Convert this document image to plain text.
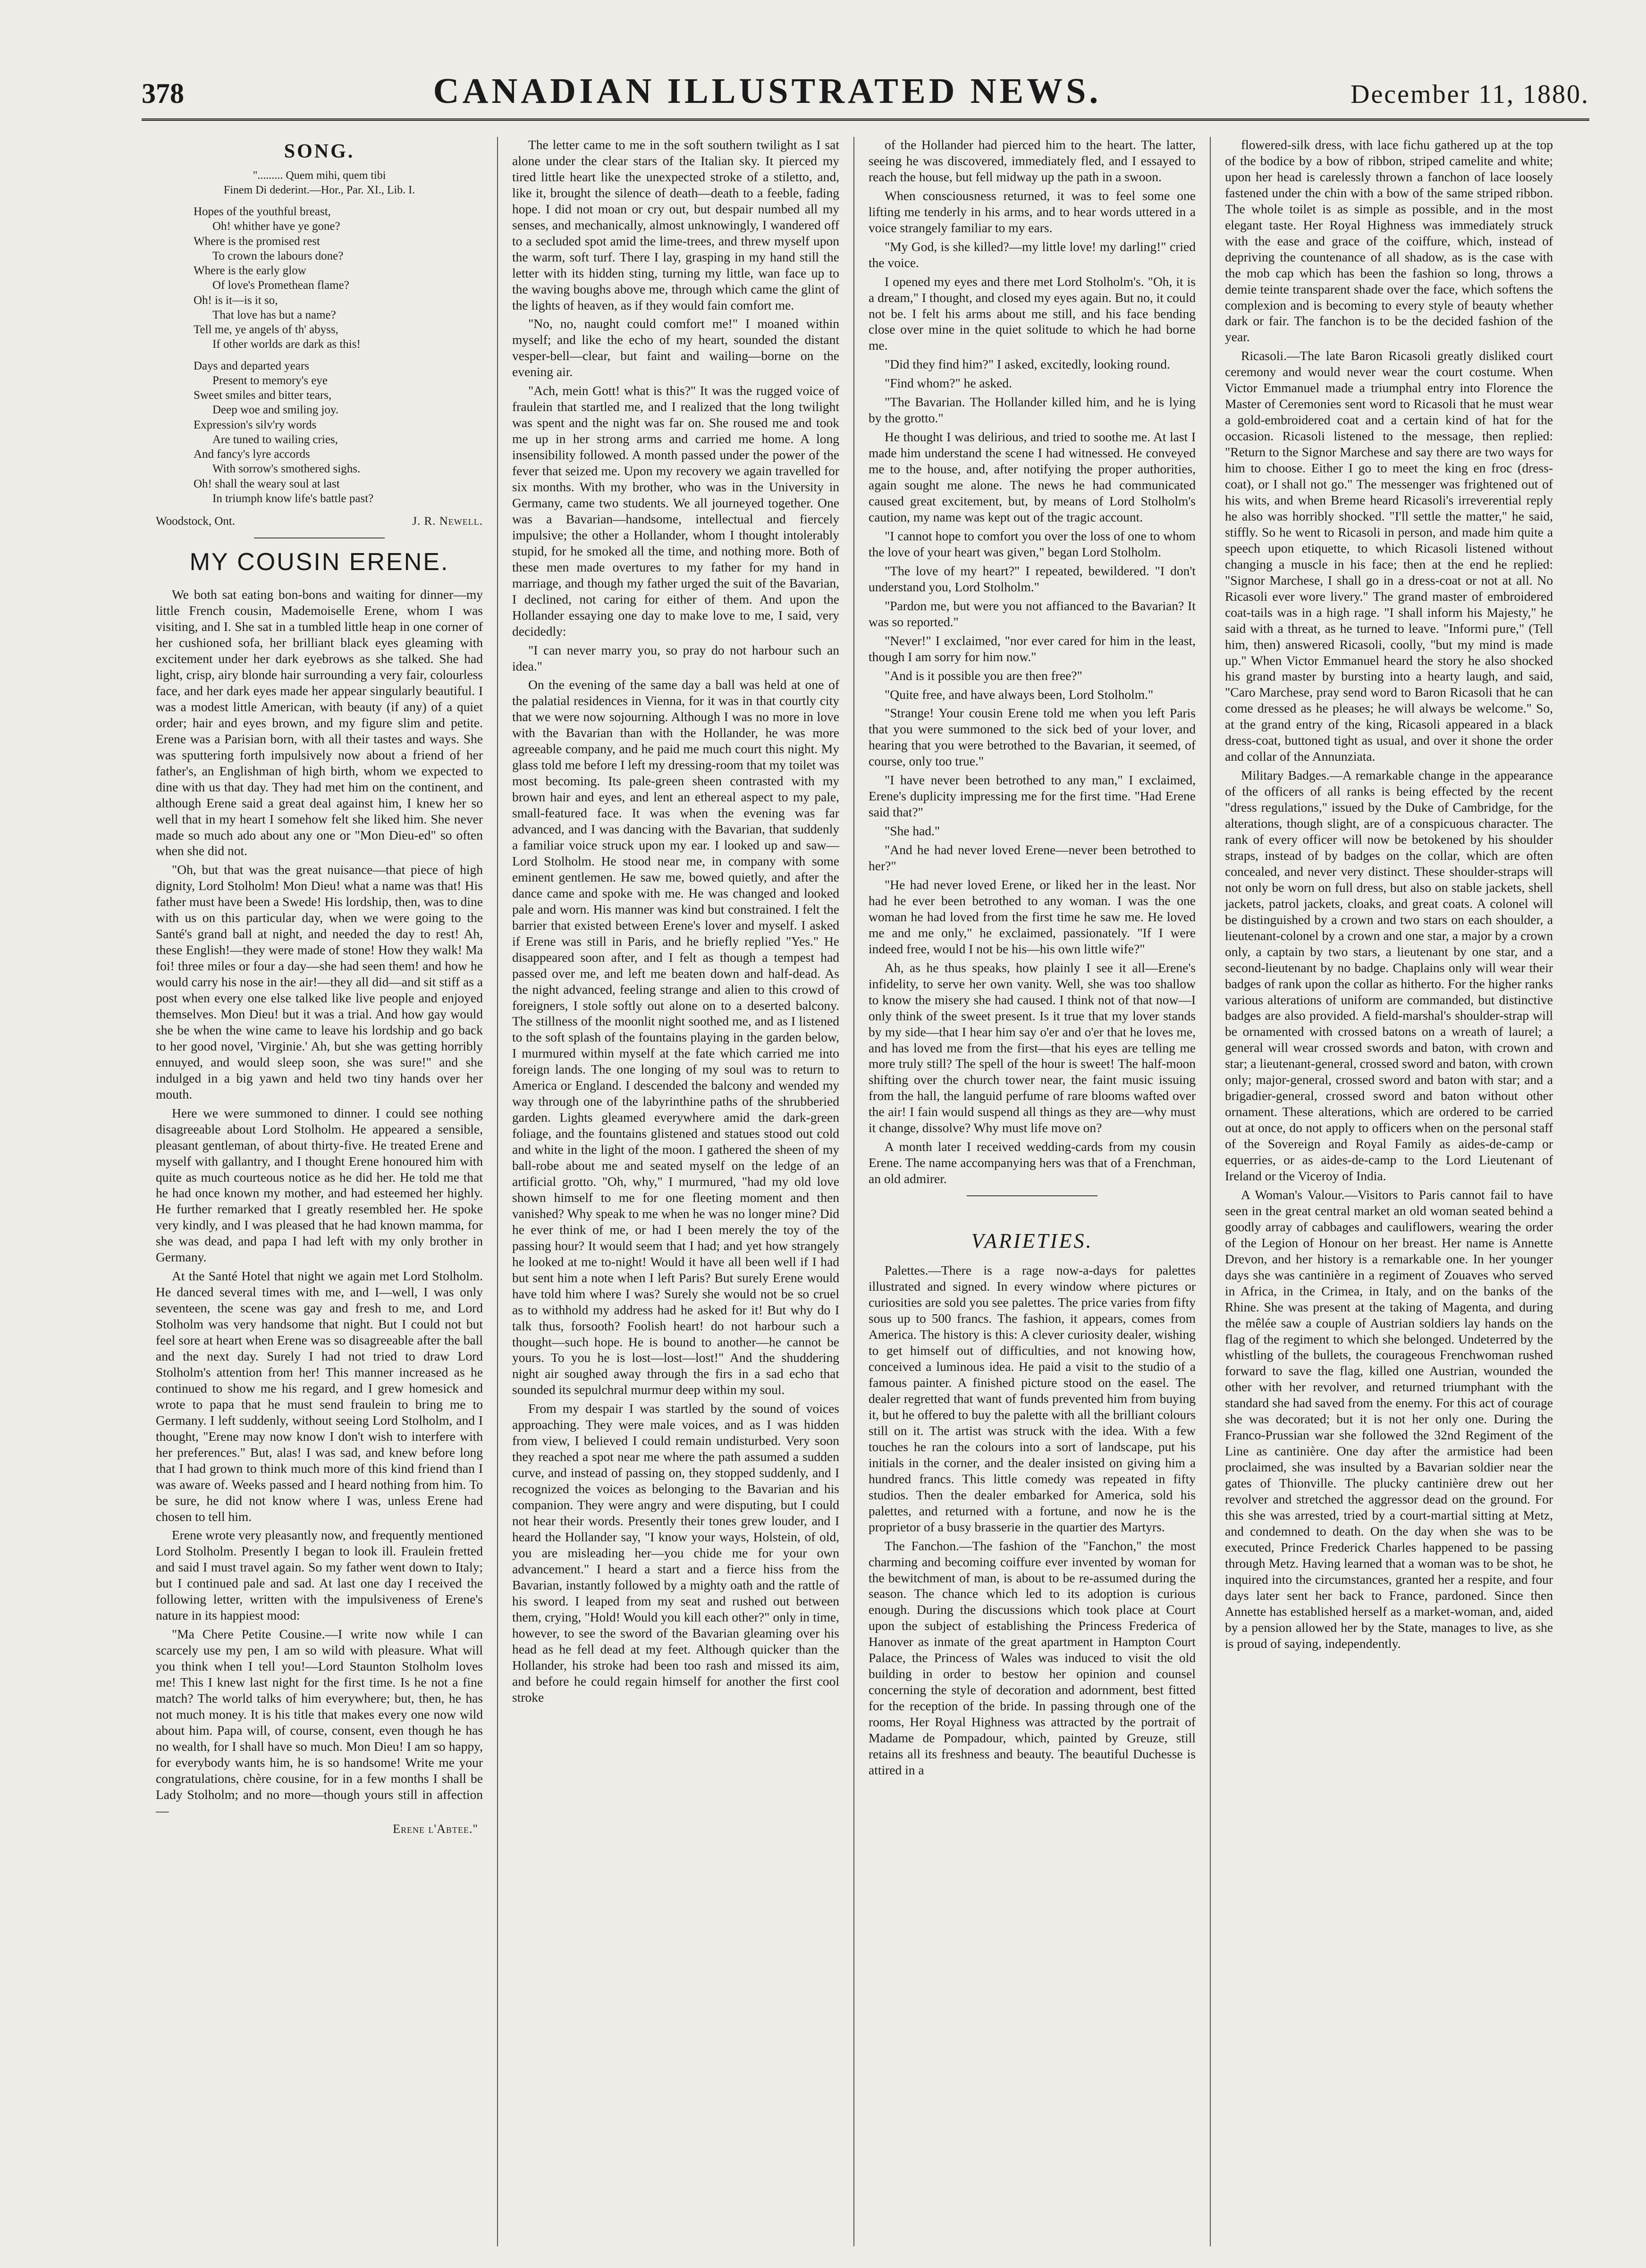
378	CANADIAN ILLUSTRATED NEWS.	December 11, 1880.
SONG.
"......... Quem mihi, quem tibi
Finem Di dederint.—Hor., Par. XI., Lib. I.
Hopes of the youthful breast,
Oh! whither have ye gone?
Where is the promised rest
To crown the labours done?
Where is the early glow
Of love's Promethean flame?
Oh! is it—is it so,
That love has but a name?
Tell me, ye angels of th' abyss,
If other worlds are dark as this!
Days and departed years
Present to memory's eye
Sweet smiles and bitter tears,
Deep woe and smiling joy.
Expression's silv'ry words
Are tuned to wailing cries,
And fancy's lyre accords
With sorrow's smothered sighs.
Oh! shall the weary soul at last
In triumph know life's battle past?
Woodstock, Ont.	J. R. Newell.
MY COUSIN ERENE.

We both sat eating bon-bons and waiting for dinner—my little French cousin, Mademoiselle Erene, whom I was visiting, and I. She sat in a tumbled little heap in one corner of her cushioned sofa, her brilliant black eyes gleaming with excitement under her dark eyebrows as she talked. She had light, crisp, airy blonde hair surrounding a very fair, colourless face, and her dark eyes made her appear singularly beautiful. I was a modest little American, with beauty (if any) of a quiet order; hair and eyes brown, and my figure slim and petite. Erene was a Parisian born, with all their tastes and ways. She was sputtering forth impulsively now about a friend of her father's, an Englishman of high birth, whom we expected to dine with us that day. They had met him on the continent, and although Erene said a great deal against him, I knew her so well that in my heart I somehow felt she liked him. She never made so much ado about any one or "Mon Dieu-ed" so often when she did not.

"Oh, but that was the great nuisance—that piece of high dignity, Lord Stolholm! Mon Dieu! what a name was that! His father must have been a Swede! His lordship, then, was to dine with us on this particular day, when we were going to the Santé's grand ball at night, and needed the day to rest! Ah, these English!—they were made of stone! How they walk! Ma foi! three miles or four a day—she had seen them! and how he would carry his nose in the air!—they all did—and sit stiff as a post when every one else talked like live people and enjoyed themselves. Mon Dieu! but it was a trial. And how gay would she be when the wine came to leave his lordship and go back to her good novel, 'Virginie.' Ah, but she was getting horribly ennuyed, and would sleep soon, she was sure!" and she indulged in a big yawn and held two tiny hands over her mouth.

Here we were summoned to dinner. I could see nothing disagreeable about Lord Stolholm. He appeared a sensible, pleasant gentleman, of about thirty-five. He treated Erene and myself with gallantry, and I thought Erene honoured him with quite as much courteous notice as he did her. He told me that he had once known my mother, and had esteemed her highly. He further remarked that I greatly resembled her. He spoke very kindly, and I was pleased that he had known mamma, for she was dead, and papa I had left with my only brother in Germany.

At the Santé Hotel that night we again met Lord Stolholm. He danced several times with me, and I—well, I was only seventeen, the scene was gay and fresh to me, and Lord Stolholm was very handsome that night. But I could not but feel sore at heart when Erene was so disagreeable after the ball and the next day. Surely I had not tried to draw Lord Stolholm's attention from her! This manner increased as he continued to show me his regard, and I grew homesick and wrote to papa that he must send fraulein to bring me to Germany. I left suddenly, without seeing Lord Stolholm, and I thought, "Erene may now know I don't wish to interfere with her preferences." But, alas! I was sad, and knew before long that I had grown to think much more of this kind friend than I was aware of. Weeks passed and I heard nothing from him. To be sure, he did not know where I was, unless Erene had chosen to tell him.

Erene wrote very pleasantly now, and frequently mentioned Lord Stolholm. Presently I began to look ill. Fraulein fretted and said I must travel again. So my father went down to Italy; but I continued pale and sad. At last one day I received the following letter, written with the impulsiveness of Erene's nature in its happiest mood:

"Ma Chere Petite Cousine.—I write now while I can scarcely use my pen, I am so wild with pleasure. What will you think when I tell you!—Lord Staunton Stolholm loves me! This I knew last night for the first time. Is he not a fine match? The world talks of him everywhere; but, then, he has not much money. It is his title that makes every one now wild about him. Papa will, of course, consent, even though he has no wealth, for I shall have so much. Mon Dieu! I am so happy, for everybody wants him, he is so handsome! Write me your congratulations, chère cousine, for in a few months I shall be Lady Stolholm; and no more—though yours still in affection—

Erene l'Abtee."

The letter came to me in the soft southern twilight as I sat alone under the clear stars of the Italian sky. It pierced my tired little heart like the unexpected stroke of a stiletto, and, like it, brought the silence of death—death to a feeble, fading hope. I did not moan or cry out, but despair numbed all my senses, and mechanically, almost unknowingly, I wandered off to a secluded spot amid the lime-trees, and threw myself upon the warm, soft turf. There I lay, grasping in my hand still the letter with its hidden sting, turning my little, wan face up to the waving boughs above me, through which came the glint of the lights of heaven, as if they would fain comfort me.

"No, no, naught could comfort me!" I moaned within myself; and like the echo of my heart, sounded the distant vesper-bell—clear, but faint and wailing—borne on the evening air.

"Ach, mein Gott! what is this?" It was the rugged voice of fraulein that startled me, and I realized that the long twilight was spent and the night was far on. She roused me and took me up in her strong arms and carried me home. A long insensibility followed. A month passed under the power of the fever that seized me. Upon my recovery we again travelled for six months. With my brother, who was in the University in Germany, came two students. We all journeyed together. One was a Bavarian—handsome, intellectual and fiercely impulsive; the other a Hollander, whom I thought intolerably stupid, for he smoked all the time, and nothing more. Both of these men made overtures to my father for my hand in marriage, and though my father urged the suit of the Bavarian, I declined, not caring for either of them. And upon the Hollander essaying one day to make love to me, I said, very decidedly:

"I can never marry you, so pray do not harbour such an idea."

On the evening of the same day a ball was held at one of the palatial residences in Vienna, for it was in that courtly city that we were now sojourning. Although I was no more in love with the Bavarian than with the Hollander, he was more agreeable company, and he paid me much court this night. My glass told me before I left my dressing-room that my toilet was most becoming. Its pale-green sheen contrasted with my brown hair and eyes, and lent an ethereal aspect to my pale, small-featured face. It was when the evening was far advanced, and I was dancing with the Bavarian, that suddenly a familiar voice struck upon my ear. I looked up and saw—Lord Stolholm. He stood near me, in company with some eminent gentlemen. He saw me, bowed quietly, and after the dance came and spoke with me. He was changed and looked pale and worn. His manner was kind but constrained. I felt the barrier that existed between Erene's lover and myself. I asked if Erene was still in Paris, and he briefly replied "Yes." He disappeared soon after, and I felt as though a tempest had passed over me, and left me beaten down and half-dead. As the night advanced, feeling strange and alien to this crowd of foreigners, I stole softly out alone on to a deserted balcony. The stillness of the moonlit night soothed me, and as I listened to the soft splash of the fountains playing in the garden below, I murmured within myself at the fate which carried me into foreign lands. The one longing of my soul was to return to America or England. I descended the balcony and wended my way through one of the labyrinthine paths of the shrubberied garden. Lights gleamed everywhere amid the dark-green foliage, and the fountains glistened and statues stood out cold and white in the light of the moon. I gathered the sheen of my ball-robe about me and seated myself on the ledge of an artificial grotto. "Oh, why," I murmured, "had my old love shown himself to me for one fleeting moment and then vanished? Why speak to me when he was no longer mine? Did he ever think of me, or had I been merely the toy of the passing hour? It would seem that I had; and yet how strangely he looked at me to-night! Would it have all been well if I had but sent him a note when I left Paris? But surely Erene would have told him where I was? Surely she would not be so cruel as to withhold my address had he asked for it! But why do I talk thus, forsooth? Foolish heart! do not harbour such a thought—such hope. He is bound to another—he cannot be yours. To you he is lost—lost—lost!" And the shuddering night air soughed away through the firs in a sad echo that sounded its sepulchral murmur deep within my soul.

From my despair I was startled by the sound of voices approaching. They were male voices, and as I was hidden from view, I believed I could remain undisturbed. Very soon they reached a spot near me where the path assumed a sudden curve, and instead of passing on, they stopped suddenly, and I recognized the voices as belonging to the Bavarian and his companion. They were angry and were disputing, but I could not hear their words. Presently their tones grew louder, and I heard the Hollander say, "I know your ways, Holstein, of old, you are misleading her—you chide me for your own advancement." I heard a start and a fierce hiss from the Bavarian, instantly followed by a mighty oath and the rattle of his sword. I leaped from my seat and rushed out between them, crying, "Hold! Would you kill each other?" only in time, however, to see the sword of the Bavarian gleaming over his head as he fell dead at my feet. Although quicker than the Hollander, his stroke had been too rash and missed its aim, and before he could regain himself for another the first cool stroke

of the Hollander had pierced him to the heart. The latter, seeing he was discovered, immediately fled, and I essayed to reach the house, but fell midway up the path in a swoon.

When consciousness returned, it was to feel some one lifting me tenderly in his arms, and to hear words uttered in a voice strangely familiar to my ears.

"My God, is she killed?—my little love! my darling!" cried the voice.

I opened my eyes and there met Lord Stolholm's. "Oh, it is a dream," I thought, and closed my eyes again. But no, it could not be. I felt his arms about me still, and his face bending close over mine in the quiet solitude to which he had borne me.

"Did they find him?" I asked, excitedly, looking round.

"Find whom?" he asked.

"The Bavarian. The Hollander killed him, and he is lying by the grotto."

He thought I was delirious, and tried to soothe me. At last I made him understand the scene I had witnessed. He conveyed me to the house, and, after notifying the proper authorities, again sought me alone. The news he had communicated caused great excitement, but, by means of Lord Stolholm's caution, my name was kept out of the tragic account.

"I cannot hope to comfort you over the loss of one to whom the love of your heart was given," began Lord Stolholm.

"The love of my heart?" I repeated, bewildered. "I don't understand you, Lord Stolholm."

"Pardon me, but were you not affianced to the Bavarian? It was so reported."

"Never!" I exclaimed, "nor ever cared for him in the least, though I am sorry for him now."

"And is it possible you are then free?"

"Quite free, and have always been, Lord Stolholm."

"Strange! Your cousin Erene told me when you left Paris that you were summoned to the sick bed of your lover, and hearing that you were betrothed to the Bavarian, it seemed, of course, only too true."

"I have never been betrothed to any man," I exclaimed, Erene's duplicity impressing me for the first time. "Had Erene said that?"

"She had."

"And he had never loved Erene—never been betrothed to her?"

"He had never loved Erene, or liked her in the least. Nor had he ever been betrothed to any woman. I was the one woman he had loved from the first time he saw me. He loved me and me only," he exclaimed, passionately. "If I were indeed free, would I not be his—his own little wife?"

Ah, as he thus speaks, how plainly I see it all—Erene's infidelity, to serve her own vanity. Well, she was too shallow to know the misery she had caused. I think not of that now—I only think of the sweet present. Is it true that my lover stands by my side—that I hear him say o'er and o'er that he loves me, and has loved me from the first—that his eyes are telling me more truly still? The spell of the hour is sweet! The half-moon shifting over the church tower near, the faint music issuing from the hall, the languid perfume of rare blooms wafted over the air! I fain would suspend all things as they are—why must it change, dissolve? Why must life move on?

A month later I received wedding-cards from my cousin Erene. The name accompanying hers was that of a Frenchman, an old admirer.

VARIETIES.

Palettes.—There is a rage now-a-days for palettes illustrated and signed. In every window where pictures or curiosities are sold you see palettes. The price varies from fifty sous up to 500 francs. The fashion, it appears, comes from America. The history is this: A clever curiosity dealer, wishing to get himself out of difficulties, and not knowing how, conceived a luminous idea. He paid a visit to the studio of a famous painter. A finished picture stood on the easel. The dealer regretted that want of funds prevented him from buying it, but he offered to buy the palette with all the brilliant colours still on it. The artist was struck with the idea. With a few touches he ran the colours into a sort of landscape, put his initials in the corner, and the dealer insisted on giving him a hundred francs. This little comedy was repeated in fifty studios. Then the dealer embarked for America, sold his palettes, and returned with a fortune, and now he is the proprietor of a busy brasserie in the quartier des Martyrs.

The Fanchon.—The fashion of the "Fanchon," the most charming and becoming coiffure ever invented by woman for the bewitchment of man, is about to be re-assumed during the season. The chance which led to its adoption is curious enough. During the discussions which took place at Court upon the subject of establishing the Princess Frederica of Hanover as inmate of the great apartment in Hampton Court Palace, the Princess of Wales was induced to visit the old building in order to bestow her opinion and counsel concerning the style of decoration and adornment, best fitted for the reception of the bride. In passing through one of the rooms, Her Royal Highness was attracted by the portrait of Madame de Pompadour, which, painted by Greuze, still retains all its freshness and beauty. The beautiful Duchesse is attired in a

flowered-silk dress, with lace fichu gathered up at the top of the bodice by a bow of ribbon, striped camelite and white; upon her head is carelessly thrown a fanchon of lace loosely fastened under the chin with a bow of the same striped ribbon. The whole toilet is as simple as possible, and in the most elegant taste. Her Royal Highness was immediately struck with the ease and grace of the coiffure, which, instead of depriving the countenance of all shadow, as is the case with the mob cap which has been the fashion so long, throws a demie teinte transparent shade over the face, which softens the complexion and is becoming to every style of beauty whether dark or fair. The fanchon is to be the decided fashion of the year.

Ricasoli.—The late Baron Ricasoli greatly disliked court ceremony and would never wear the court costume. When Victor Emmanuel made a triumphal entry into Florence the Master of Ceremonies sent word to Ricasoli that he must wear a gold-embroidered coat and a certain kind of hat for the occasion. Ricasoli listened to the message, then replied: "Return to the Signor Marchese and say there are two ways for him to choose. Either I go to meet the king en froc (dress-coat), or I shall not go." The messenger was frightened out of his wits, and when Breme heard Ricasoli's irreverential reply he also was horribly shocked. "I'll settle the matter," he said, stiffly. So he went to Ricasoli in person, and made him quite a speech upon etiquette, to which Ricasoli listened without changing a muscle in his face; then at the end he replied: "Signor Marchese, I shall go in a dress-coat or not at all. No Ricasoli ever wore livery." The grand master of embroidered coat-tails was in a high rage. "I shall inform his Majesty," he said with a threat, as he turned to leave. "Informi pure," (Tell him, then) answered Ricasoli, coolly, "but my mind is made up." When Victor Emmanuel heard the story he also shocked his grand master by bursting into a hearty laugh, and said, "Caro Marchese, pray send word to Baron Ricasoli that he can come dressed as he pleases; he will always be welcome." So, at the grand entry of the king, Ricasoli appeared in a black dress-coat, buttoned tight as usual, and over it shone the order and collar of the Annunziata.

Military Badges.—A remarkable change in the appearance of the officers of all ranks is being effected by the recent "dress regulations," issued by the Duke of Cambridge, for the alterations, though slight, are of a conspicuous character. The rank of every officer will now be betokened by his shoulder straps, instead of by badges on the collar, which are often concealed, and never very distinct. These shoulder-straps will not only be worn on full dress, but also on stable jackets, shell jackets, patrol jackets, cloaks, and great coats. A colonel will be distinguished by a crown and two stars on each shoulder, a lieutenant-colonel by a crown and one star, a major by a crown only, a captain by two stars, a lieutenant by one star, and a second-lieutenant by no badge. Chaplains only will wear their badges of rank upon the collar as hitherto. For the higher ranks various alterations of uniform are commanded, but distinctive badges are also provided. A field-marshal's shoulder-strap will be ornamented with crossed batons on a wreath of laurel; a general will wear crossed swords and baton, with crown and star; a lieutenant-general, crossed sword and baton, with crown only; major-general, crossed sword and baton with star; and a brigadier-general, crossed sword and baton without other ornament. These alterations, which are ordered to be carried out at once, do not apply to officers when on the personal staff of the Sovereign and Royal Family as aides-de-camp or equerries, or as aides-de-camp to the Lord Lieutenant of Ireland or the Viceroy of India.

A Woman's Valour.—Visitors to Paris cannot fail to have seen in the great central market an old woman seated behind a goodly array of cabbages and cauliflowers, wearing the order of the Legion of Honour on her breast. Her name is Annette Drevon, and her history is a remarkable one. In her younger days she was cantinière in a regiment of Zouaves who served in Africa, in the Crimea, in Italy, and on the banks of the Rhine. She was present at the taking of Magenta, and during the mêlée saw a couple of Austrian soldiers lay hands on the flag of the regiment to which she belonged. Undeterred by the whistling of the bullets, the courageous Frenchwoman rushed forward to save the flag, killed one Austrian, wounded the other with her revolver, and returned triumphant with the standard she had saved from the enemy. For this act of courage she was decorated; but it is not her only one. During the Franco-Prussian war she followed the 32nd Regiment of the Line as cantinière. One day after the armistice had been proclaimed, she was insulted by a Bavarian soldier near the gates of Thionville. The plucky cantinière drew out her revolver and stretched the aggressor dead on the ground. For this she was arrested, tried by a court-martial sitting at Metz, and condemned to death. On the day when she was to be executed, Prince Frederick Charles happened to be passing through Metz. Having learned that a woman was to be shot, he inquired into the circumstances, granted her a respite, and four days later sent her back to France, pardoned. Since then Annette has established herself as a market-woman, and, aided by a pension allowed her by the State, manages to live, as she is proud of saying, independently.
